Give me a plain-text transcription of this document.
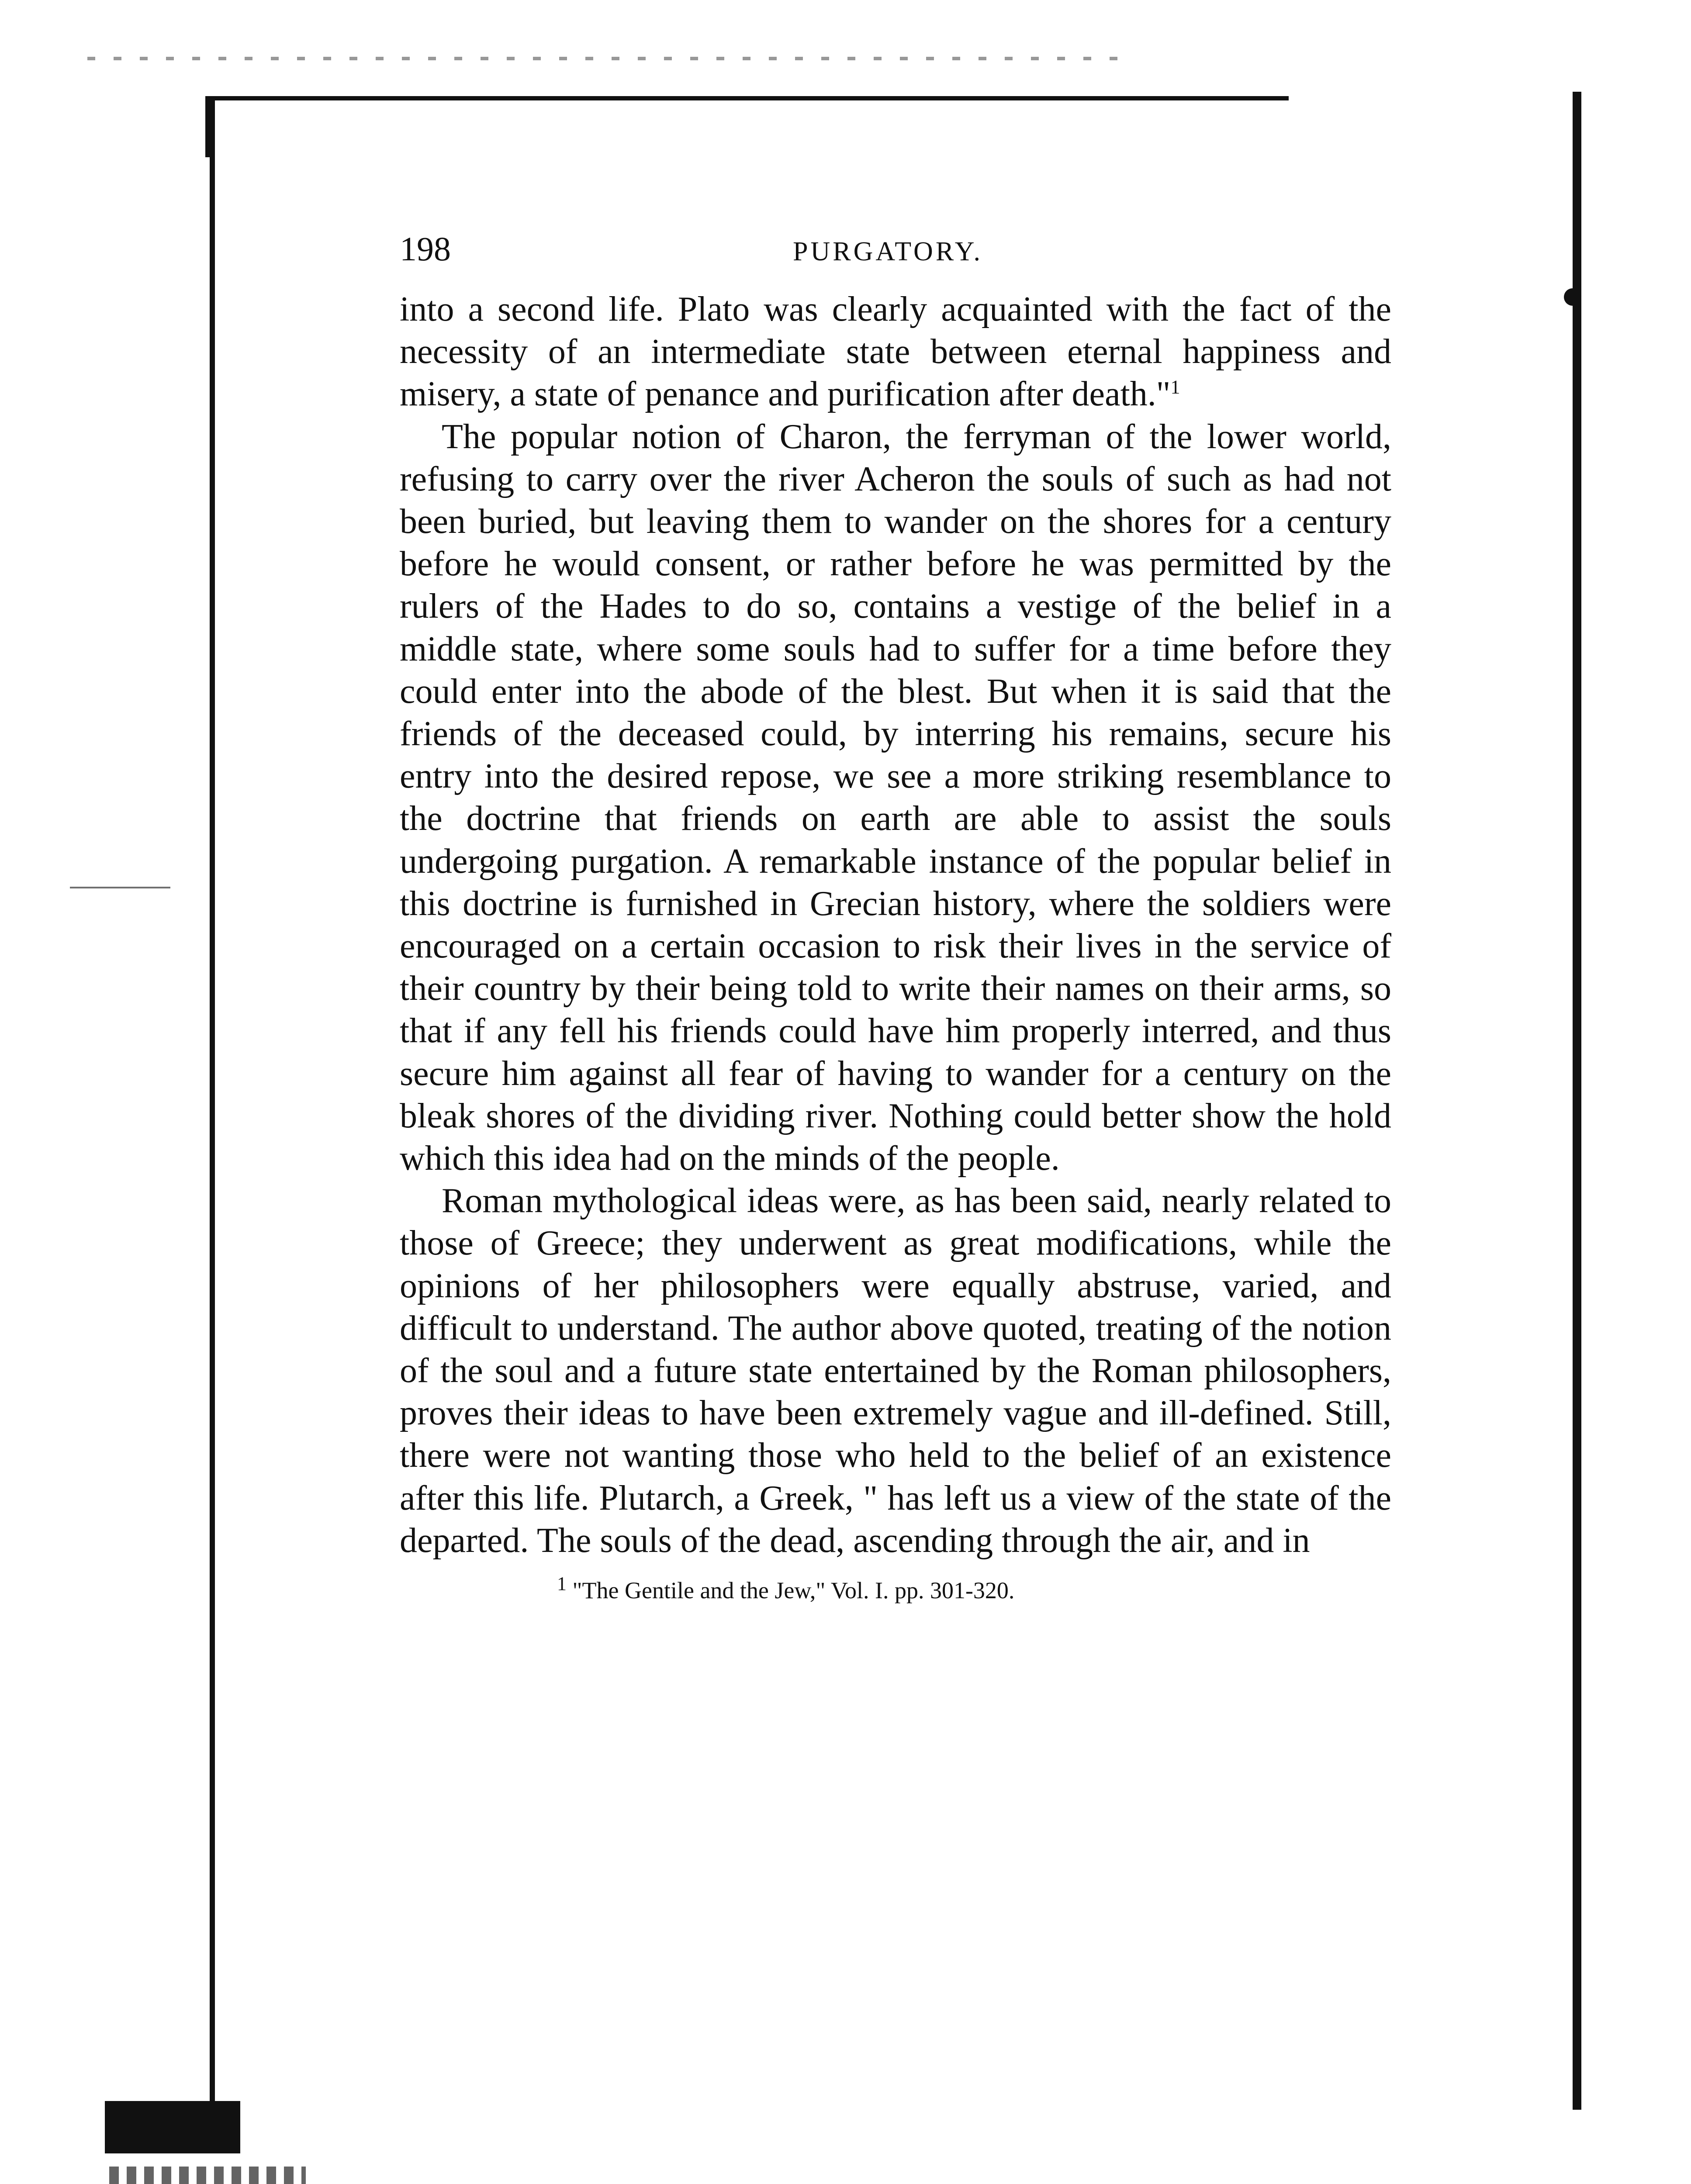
198	PURGATORY.

into a second life. Plato was clearly acquainted with the fact of the necessity of an intermediate state between eternal happiness and misery, a state of penance and purification after death."$^1$

The popular notion of Charon, the ferryman of the lower world, refusing to carry over the river Acheron the souls of such as had not been buried, but leaving them to wander on the shores for a century before he would consent, or rather before he was permitted by the rulers of the Hades to do so, contains a vestige of the belief in a middle state, where some souls had to suffer for a time before they could enter into the abode of the blest. But when it is said that the friends of the deceased could, by interring his remains, secure his entry into the desired repose, we see a more striking resemblance to the doctrine that friends on earth are able to assist the souls undergoing purgation. A remarkable instance of the popular belief in this doctrine is furnished in Grecian history, where the soldiers were encouraged on a certain occasion to risk their lives in the service of their country by their being told to write their names on their arms, so that if any fell his friends could have him properly interred, and thus secure him against all fear of having to wander for a century on the bleak shores of the dividing river. Nothing could better show the hold which this idea had on the minds of the people.

Roman mythological ideas were, as has been said, nearly related to those of Greece; they underwent as great modifications, while the opinions of her philosophers were equally abstruse, varied, and difficult to understand. The author above quoted, treating of the notion of the soul and a future state entertained by the Roman philosophers, proves their ideas to have been extremely vague and ill-defined. Still, there were not wanting those who held to the belief of an existence after this life. Plutarch, a Greek, " has left us a view of the state of the departed. The souls of the dead, ascending through the air, and in

$^1$ "The Gentile and the Jew," Vol. I. pp. 301-320.
